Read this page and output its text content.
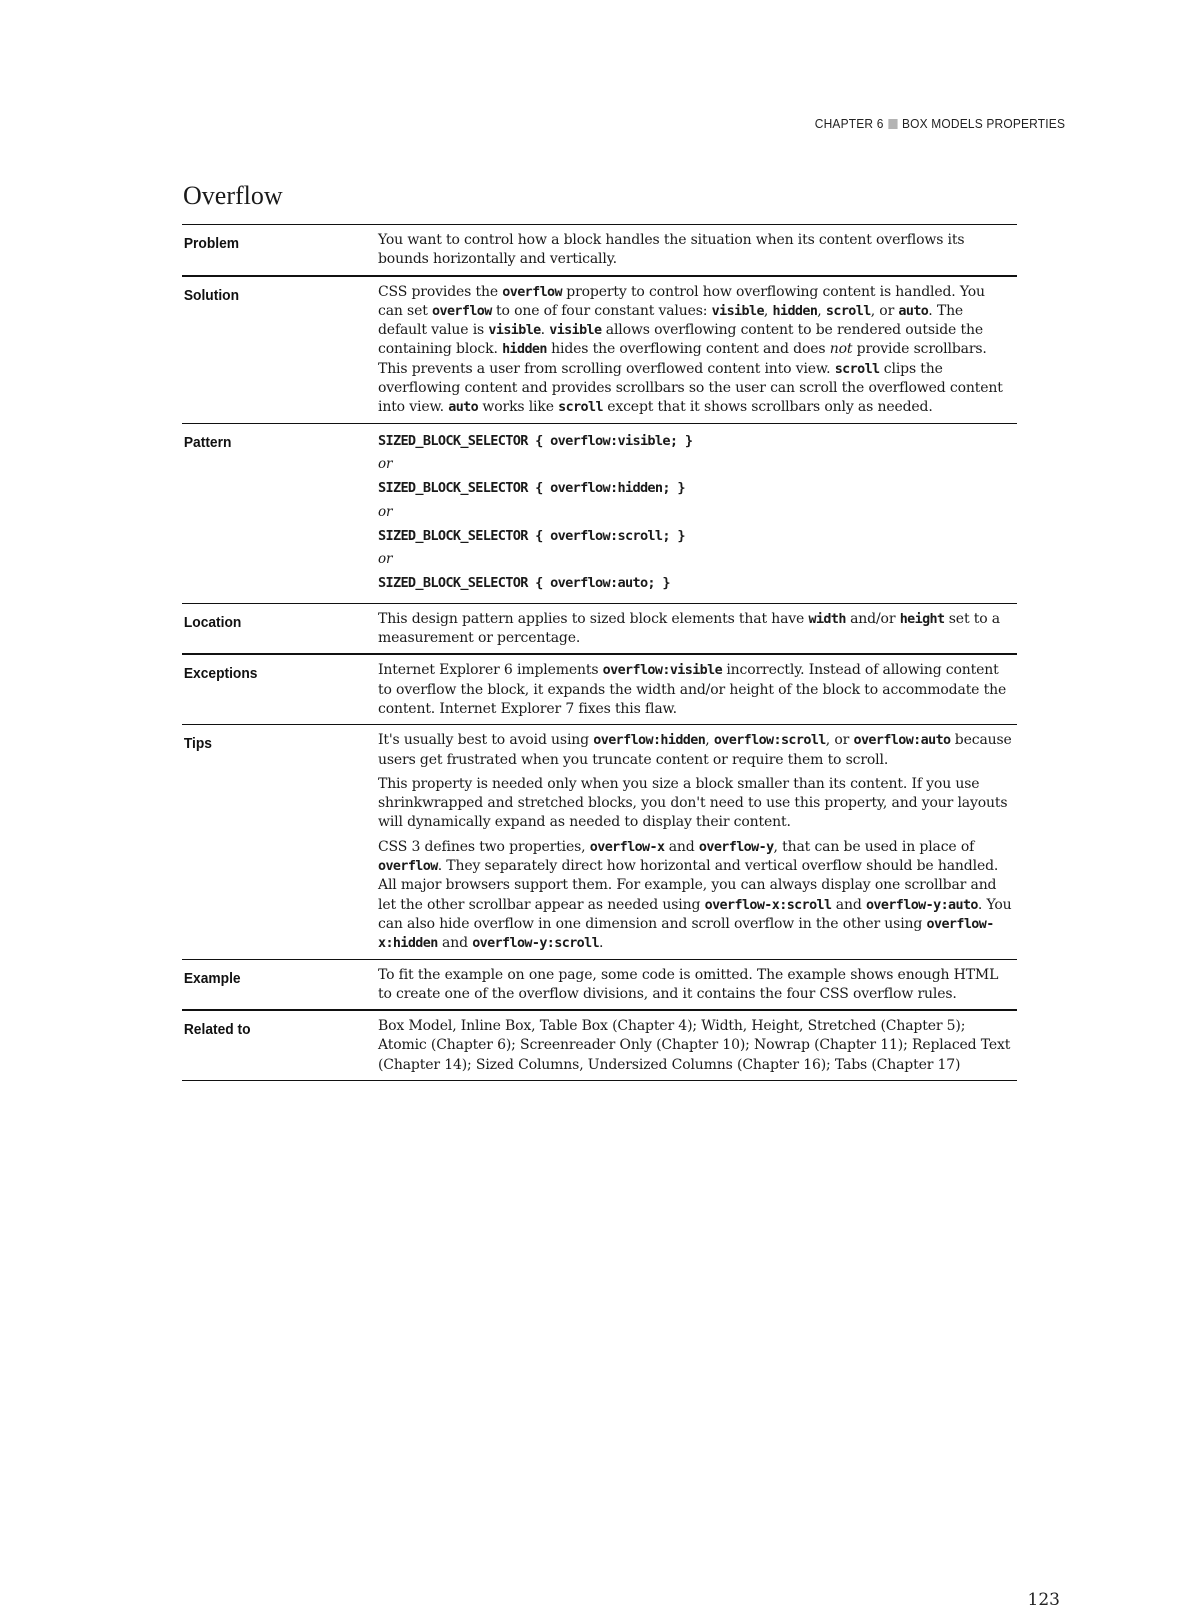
CHAPTER 6 BOX MODELS PROPERTIES
Overflow
Problem	You want to control how a block handles the situation when its content overflows its bounds horizontally and vertically.
Solution	CSS provides the overflow property to control how overflowing content is handled. You can set overflow to one of four constant values: visible, hidden, scroll, or auto. The default value is visible. visible allows overflowing content to be rendered outside the containing block. hidden hides the overflowing content and does not provide scrollbars. This prevents a user from scrolling overflowed content into view. scroll clips the overflowing content and provides scrollbars so the user can scroll the overflowed content into view. auto works like scroll except that it shows scrollbars only as needed.
Pattern	SIZED_BLOCK_SELECTOR { overflow:visible; }
or
SIZED_BLOCK_SELECTOR { overflow:hidden; }
or
SIZED_BLOCK_SELECTOR { overflow:scroll; }
or
SIZED_BLOCK_SELECTOR { overflow:auto; }
Location	This design pattern applies to sized block elements that have width and/or height set to a measurement or percentage.
Exceptions	Internet Explorer 6 implements overflow:visible incorrectly. Instead of allowing content to overflow the block, it expands the width and/or height of the block to accommodate the content. Internet Explorer 7 fixes this flaw.
Tips	It's usually best to avoid using overflow:hidden, overflow:scroll, or overflow:auto because users get frustrated when you truncate content or require them to scroll.

This property is needed only when you size a block smaller than its content. If you use shrinkwrapped and stretched blocks, you don't need to use this property, and your layouts will dynamically expand as needed to display their content.

CSS 3 defines two properties, overflow-x and overflow-y, that can be used in place of overflow. They separately direct how horizontal and vertical overflow should be handled. All major browsers support them. For example, you can always display one scrollbar and let the other scrollbar appear as needed using overflow-x:scroll and overflow-y:auto. You can also hide overflow in one dimension and scroll overflow in the other using overflow-x:hidden and overflow-y:scroll.

Example	To fit the example on one page, some code is omitted. The example shows enough HTML to create one of the overflow divisions, and it contains the four CSS overflow rules.
Related to	Box Model, Inline Box, Table Box (Chapter 4); Width, Height, Stretched (Chapter 5); Atomic (Chapter 6); Screenreader Only (Chapter 10); Nowrap (Chapter 11); Replaced Text (Chapter 14); Sized Columns, Undersized Columns (Chapter 16); Tabs (Chapter 17)
123
